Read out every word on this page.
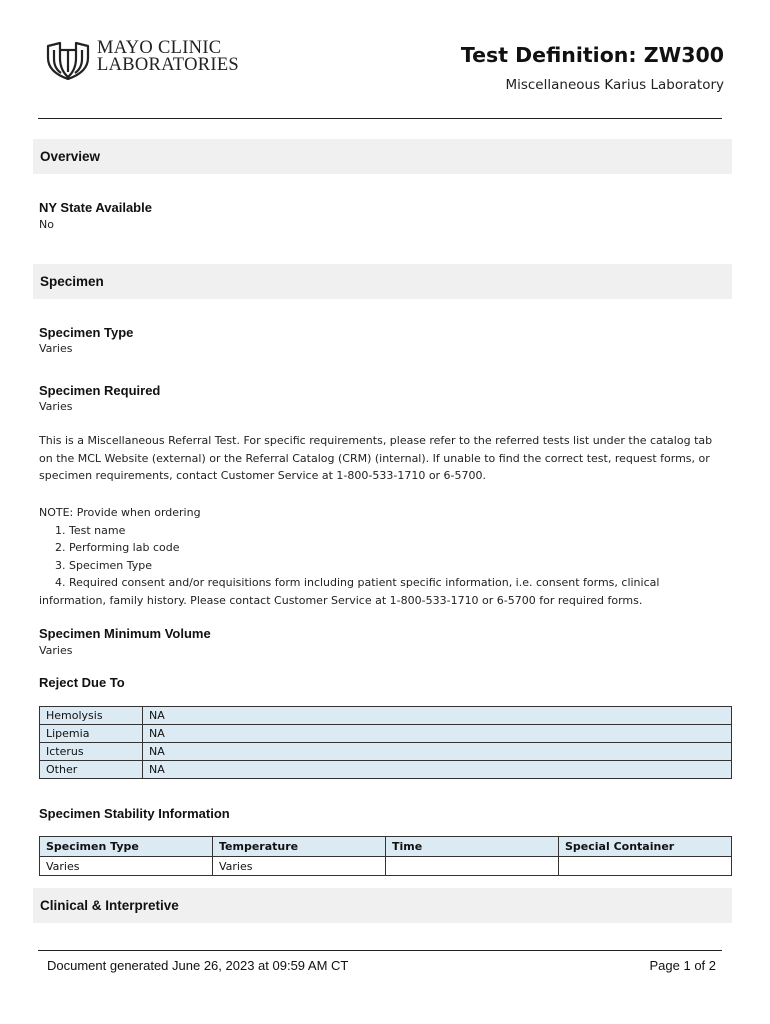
MAYO CLINIC
LABORATORIES	Test Definition: ZW300
Miscellaneous Karius Laboratory
Overview
NY State Available
No
Specimen
Specimen Type
Varies
Specimen Required
Varies

This is a Miscellaneous Referral Test. For specific requirements, please refer to the referred tests list under the catalog tab on the MCL Website (external) or the Referral Catalog (CRM) (internal). If unable to find the correct test, request forms, or specimen requirements, contact Customer Service at 1-800-533-1710 or 6-5700.

NOTE: Provide when ordering

1. Test name

2. Performing lab code

3. Specimen Type

4. Required consent and/or requisitions form including patient specific information, i.e. consent forms, clinical

information, family history. Please contact Customer Service at 1-800-533-1710 or 6-5700 for required forms.

Specimen Minimum Volume
Varies
Reject Due To
Hemolysis	NA
Lipemia	NA
Icterus	NA
Other	NA
Specimen Stability Information
Specimen Type	Temperature	Time	Special Container
Varies	Varies		
Clinical & Interpretive
Document generated June 26, 2023 at 09:59 AM CT	Page 1 of 2
